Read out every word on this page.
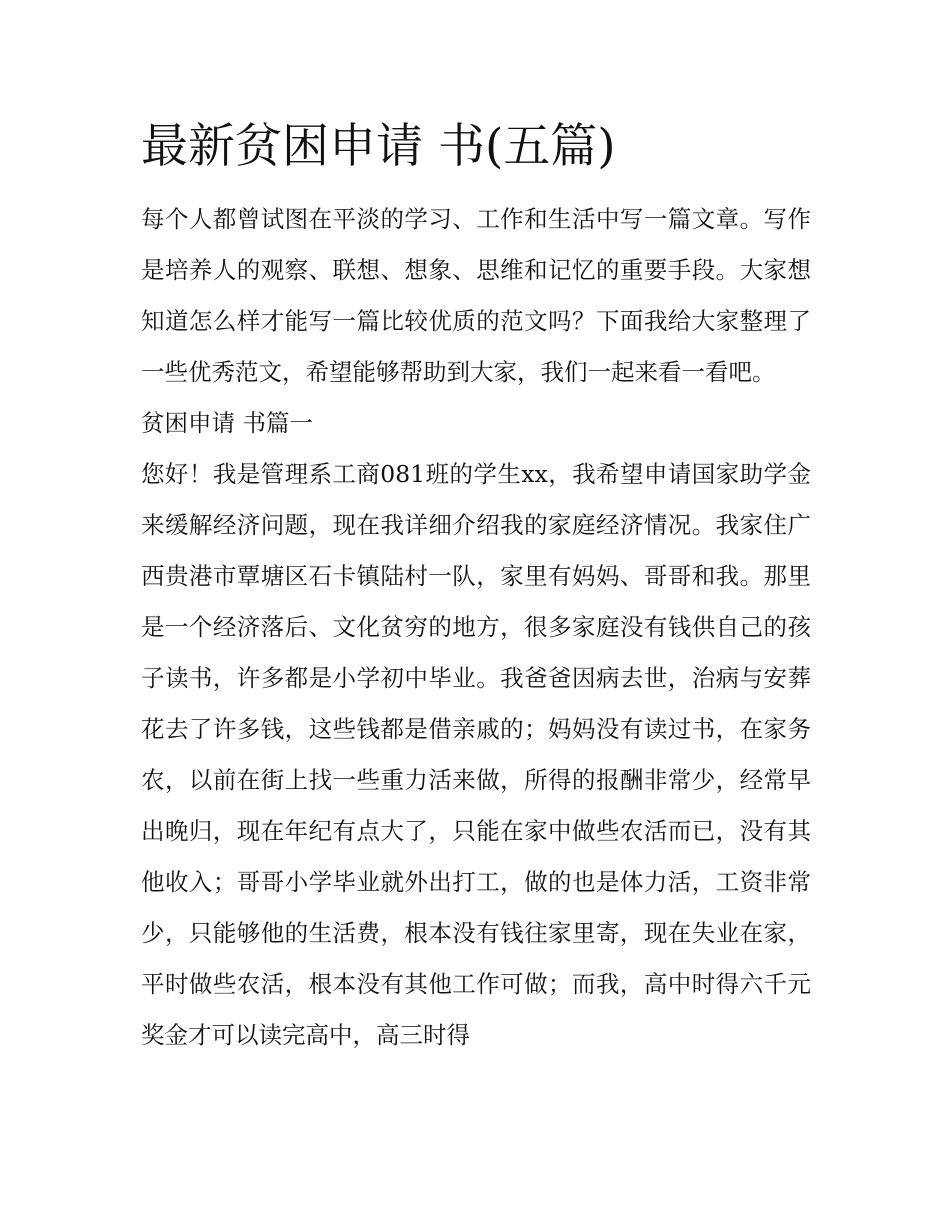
最新贫困申请 书(五篇)

每个人都曾试图在平淡的学习、工作和生活中写一篇文章。写作是培养人的观察、联想、想象、思维和记忆的重要手段。大家想知道怎么样才能写一篇比较优质的范文吗？下面我给大家整理了一些优秀范文，希望能够帮助到大家，我们一起来看一看吧。

贫困申请 书篇一

您好！我是管理系工商081班的学生xx，我希望申请国家助学金来缓解经济问题，现在我详细介绍我的家庭经济情况。我家住广西贵港市覃塘区石卡镇陆村一队，家里有妈妈、哥哥和我。那里是一个经济落后、文化贫穷的地方，很多家庭没有钱供自己的孩子读书，许多都是小学初中毕业。我爸爸因病去世，治病与安葬花去了许多钱，这些钱都是借亲戚的；妈妈没有读过书，在家务农，以前在街上找一些重力活来做，所得的报酬非常少，经常早出晚归，现在年纪有点大了，只能在家中做些农活而已，没有其他收入；哥哥小学毕业就外出打工，做的也是体力活，工资非常少，只能够他的生活费，根本没有钱往家里寄，现在失业在家，平时做些农活，根本没有其他工作可做；而我，高中时得六千元奖金才可以读完高中，高三时得
